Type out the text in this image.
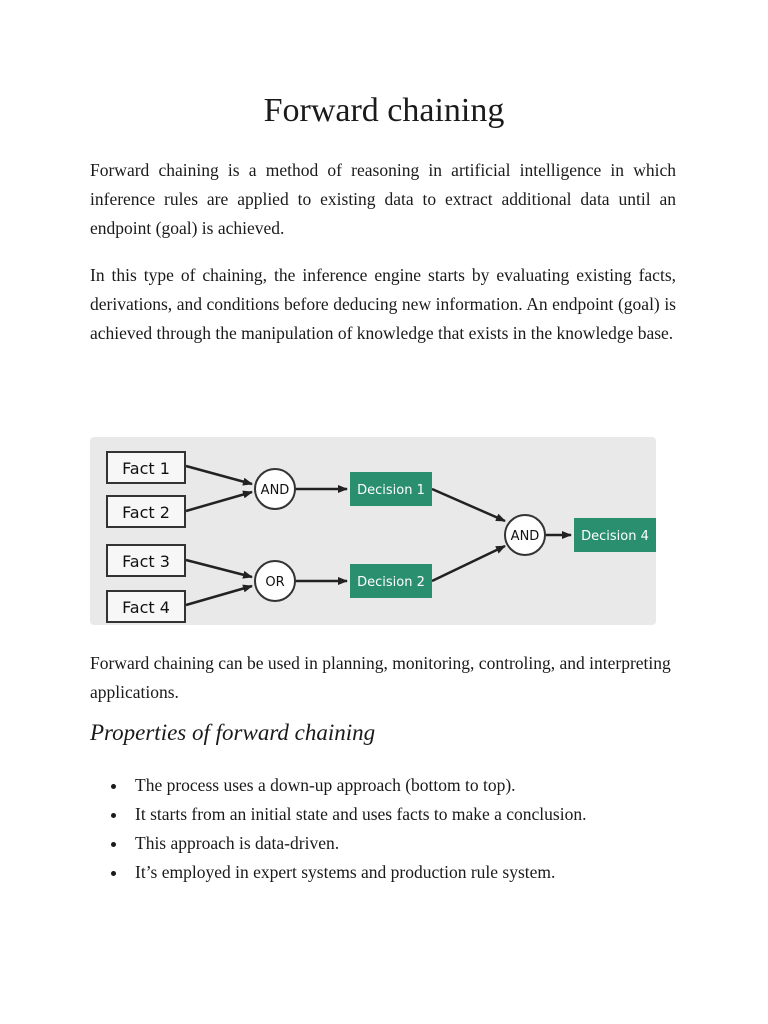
Forward chaining

Forward chaining is a method of reasoning in artificial intelligence in which inference rules are applied to existing data to extract additional data until an endpoint (goal) is achieved.

In this type of chaining, the inference engine starts by evaluating existing facts, derivations, and conditions before deducing new information. An endpoint (goal) is achieved through the manipulation of knowledge that exists in the knowledge base.

Fact 1
Fact 2
Fact 3
Fact 4
AND
OR
AND
Decision 1
Decision 2
Decision 4

Forward chaining can be used in planning, monitoring, controling, and interpreting applications.

Properties of forward chaining
The process uses a down-up approach (bottom to top).
It starts from an initial state and uses facts to make a conclusion.
This approach is data-driven.
It’s employed in expert systems and production rule system.
